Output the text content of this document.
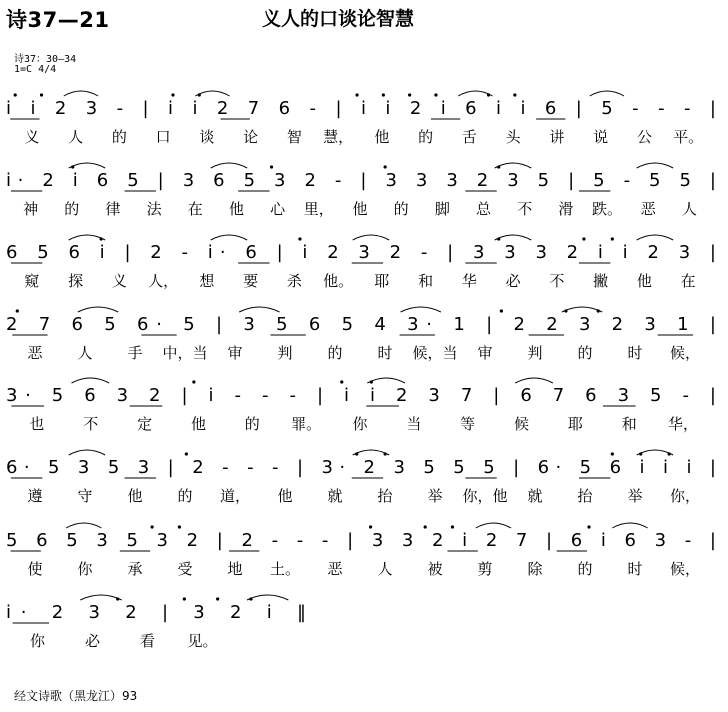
诗37—21	义人的口谈论智慧
诗37：30—34
1=C 4/4
i i 2 3 - | i i 2 7 6 - | i i 2 i 6 i i 6 | 5 - - - |
义 人 的 口 谈 论 智 慧， 他 的 舌 头 讲 说 公 平。
i· 2 i 6 5 | 3 6 5 3 2 - | 3 3 3 2 3 5 | 5 - 5 5 |
神 的 律 法 在 他 心 里， 他 的 脚 总 不 滑 跌。 恶 人
6 5 6 i | 2 - i· 6 | i 2 3 2 - | 3 3 3 2 i i 2 3 |
窥 探 义 人， 想 要 杀 他。 耶 和 华 必 不 撇 他 在
2 7 6 5 6· 5 | 3 5 6 5 4 3· 1 | 2 2 3 2 3 1 |
恶 人 手 中，当 审 判 的 时 候，当 审 判 的 时 候，
3· 5 6 3 2 | i - - - | i i 2 3 7 | 6 7 6 3 5 - |
也	不	定	他	的 罪。 你	当	等	候	耶	和 华，
6· 5 3 5 3 | 2 - - - | 3· 2 3 5 5 5 | 6· 5 6 i i i |
遵 守 他 的 道， 他 就 抬 举 你，他 就 抬 举 你，
5 6 5 3 5 3 2 | 2 - - - | 3 3 2 i 2 7 | 6 i 6 3 - |
使 你 承 受 地 土。 恶 人 被 剪 除 的 时 候，
i· 2 3 2 | 3 2 i ‖
你	必	看 见。
经文诗歌（黑龙江）93
